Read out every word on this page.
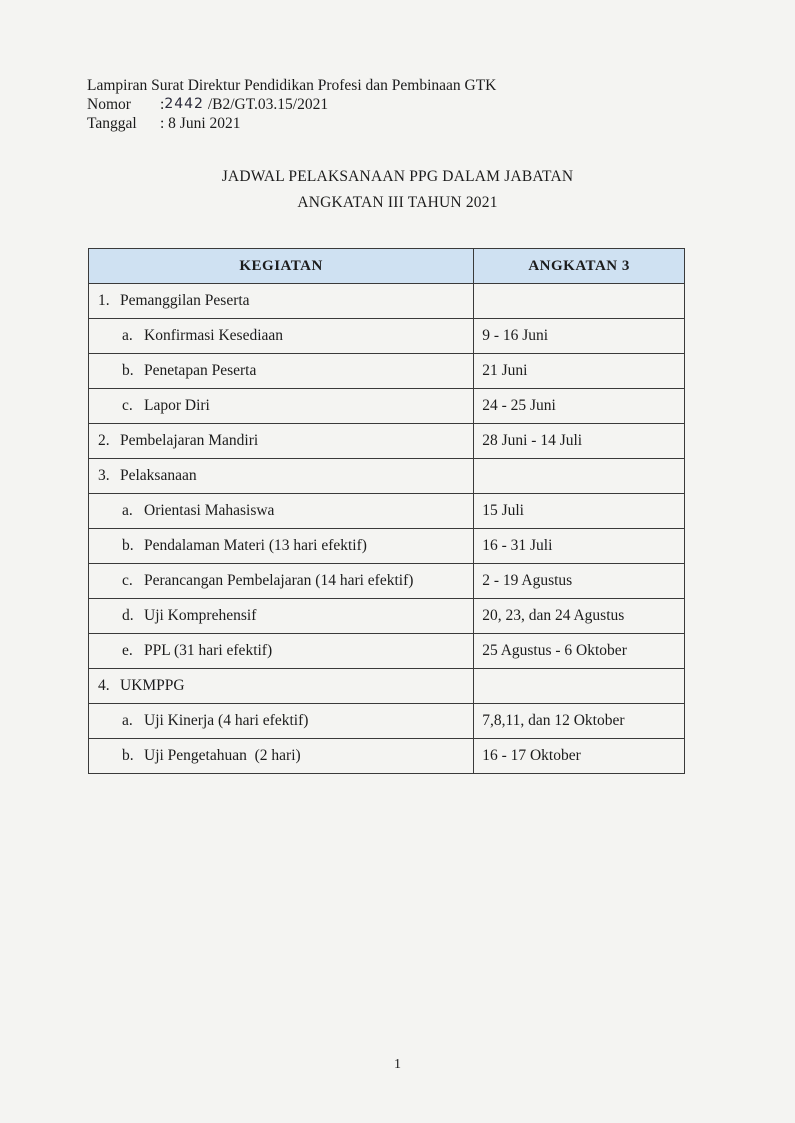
Lampiran Surat Direktur Pendidikan Profesi dan Pembinaan GTK
Nomor	: 2442 /B2/GT.03.15/2021
Tanggal	: 8 Juni 2021
JADWAL PELAKSANAAN PPG DALAM JABATAN
ANGKATAN III TAHUN 2021
KEGIATAN	ANGKATAN 3
1. Pemanggilan Peserta	
a. Konfirmasi Kesediaan	9 - 16 Juni
b. Penetapan Peserta	21 Juni
c. Lapor Diri	24 - 25 Juni
2. Pembelajaran Mandiri	28 Juni - 14 Juli
3. Pelaksanaan	
a. Orientasi Mahasiswa	15 Juli
b. Pendalaman Materi (13 hari efektif)	16 - 31 Juli
c. Perancangan Pembelajaran (14 hari efektif)	2 - 19 Agustus
d. Uji Komprehensif	20, 23, dan 24 Agustus
e. PPL (31 hari efektif)	25 Agustus - 6 Oktober
4. UKMPPG	
a. Uji Kinerja (4 hari efektif)	7,8,11, dan 12 Oktober
b. Uji Pengetahuan  (2 hari)	16 - 17 Oktober
1
